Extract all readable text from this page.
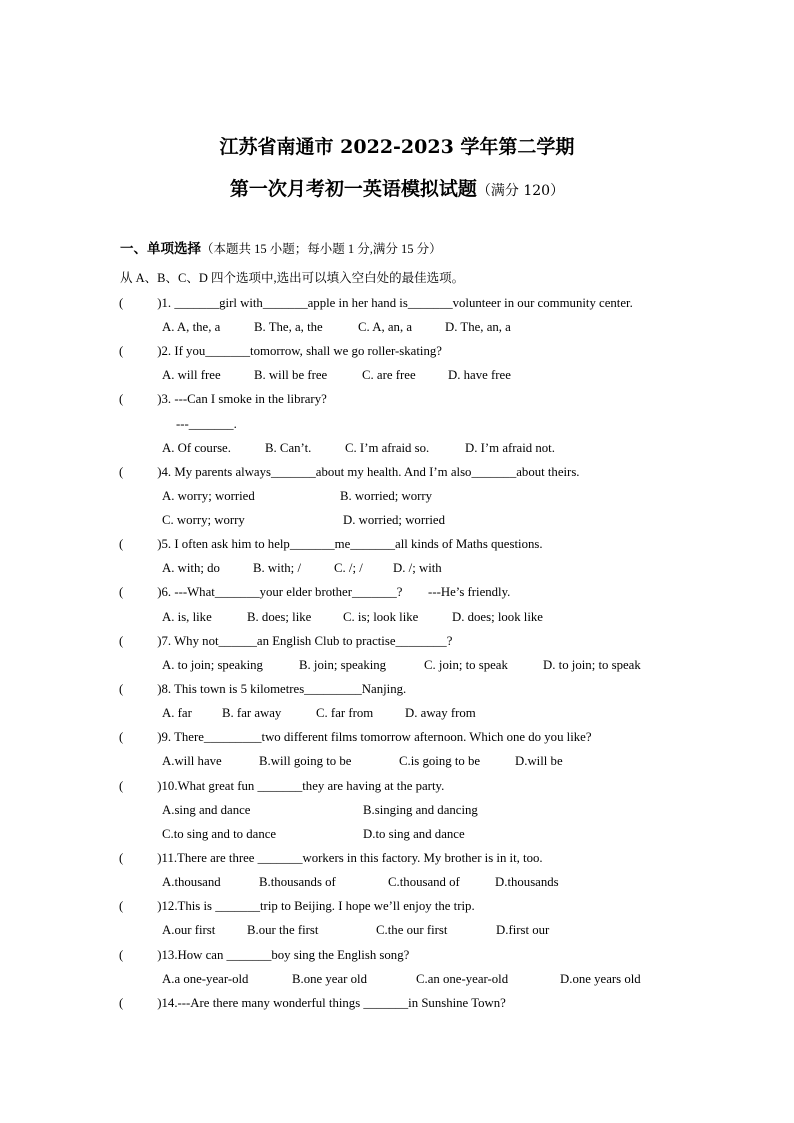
江苏省南通市 2022-2023 学年第二学期
第一次月考初一英语模拟试题（满分 120）
一、单项选择（本题共 15 小题；每小题 1 分,满分 15 分）
从 A、B、C、D 四个选项中,选出可以填入空白处的最佳选项。
(	)1. _______girl with_______apple in her hand is_______volunteer in our community center.
A. A, the, a	B. The, a, the	C. A, an, a	D. The, an, a
(	)2. If you_______tomorrow, shall we go roller-skating?
A. will free	B. will be free	C. are free	D. have free
(	)3. ---Can I smoke in the library?
---_______.
A. Of course.	B. Can’t.	C. I’m afraid so.	D. I’m afraid not.
(	)4. My parents always_______about my health. And I’m also_______about theirs.
A. worry; worried	B. worried; worry
C. worry; worry	D. worried; worried
(	)5. I often ask him to help_______me_______all kinds of Maths questions.
A. with; do	B. with; /	C. /; / D. /; with
(	)6. ---What_______your elder brother_______?        ---He’s friendly.
A. is, like	B. does; like C. is; look like	D. does; look like
(	)7. Why not______an English Club to practise________?
A. to join; speaking	B. join; speaking	C. join; to speak	D. to join; to speak
(	)8. This town is 5 kilometres_________Nanjing.
A. far B. far away	C. far from D. away from
(	)9. There_________two different films tomorrow afternoon. Which one do you like?
A.will have	B.will going to be	C.is going to be	D.will be
(	)10.What great fun _______they are having at the party.
A.sing and dance	B.singing and dancing
C.to sing and to dance	D.to sing and dance
(	)11.There are three _______workers in this factory. My brother is in it, too.
A.thousand	B.thousands of	C.thousand of	D.thousands
(	)12.This is _______trip to Beijing. I hope we’ll enjoy the trip.
A.our first B.our the first	C.the our first	D.first our
(	)13.How can _______boy sing the English song?
A.a one-year-old	B.one year old	C.an one-year-old	D.one years old
(	)14.---Are there many wonderful things _______in Sunshine Town?
